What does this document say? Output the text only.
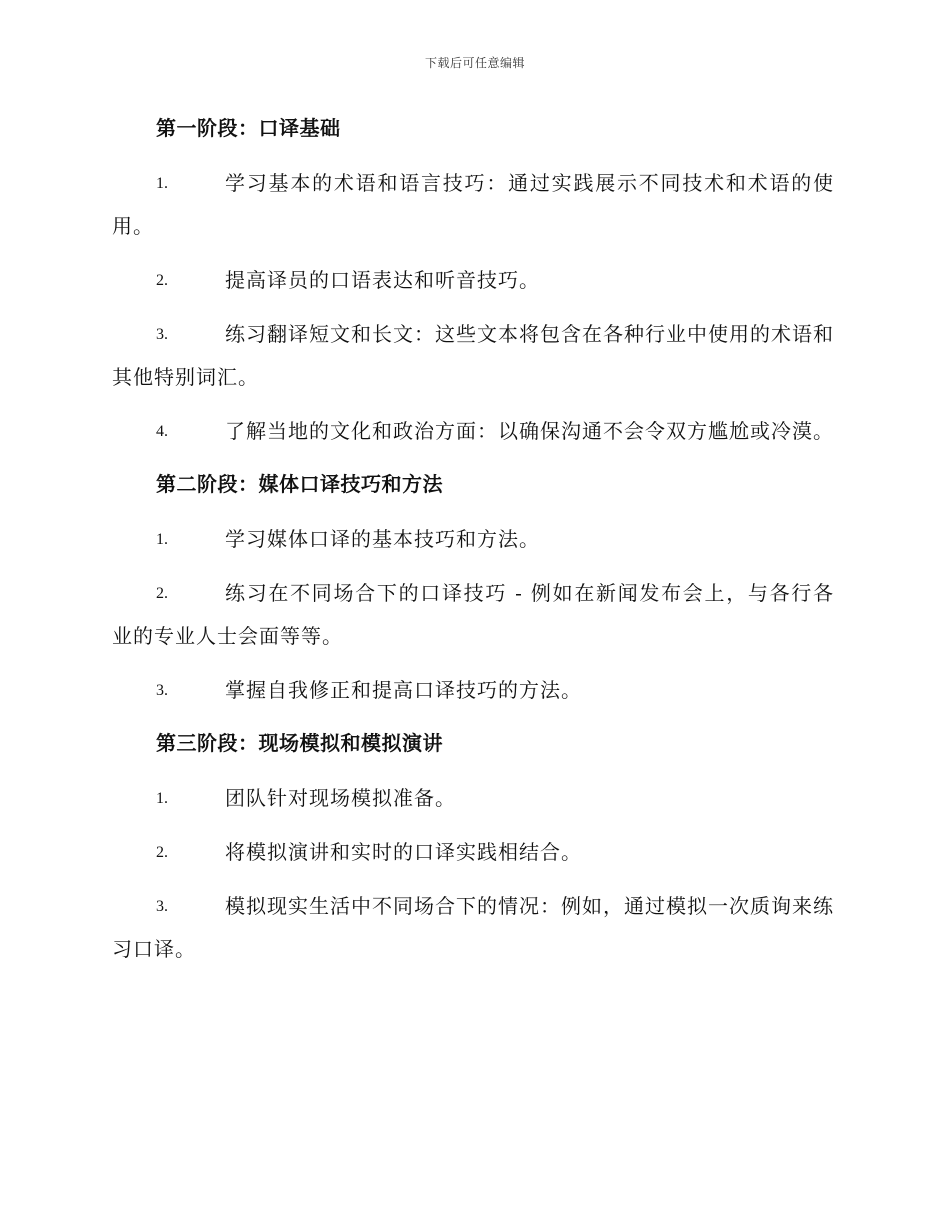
下载后可任意编辑
第一阶段：口译基础

1.	学习基本的术语和语言技巧：通过实践展示不同技术和术语的使用。

2.	提高译员的口语表达和听音技巧。

3.	练习翻译短文和长文：这些文本将包含在各种行业中使用的术语和其他特别词汇。

4.	了解当地的文化和政治方面：以确保沟通不会令双方尴尬或冷漠。

第二阶段：媒体口译技巧和方法

1.	学习媒体口译的基本技巧和方法。

2.	练习在不同场合下的口译技巧 - 例如在新闻发布会上，与各行各业的专业人士会面等等。

3.	掌握自我修正和提高口译技巧的方法。

第三阶段：现场模拟和模拟演讲

1.	团队针对现场模拟准备。

2.	将模拟演讲和实时的口译实践相结合。

3.	模拟现实生活中不同场合下的情况：例如，通过模拟一次质询来练习口译。
